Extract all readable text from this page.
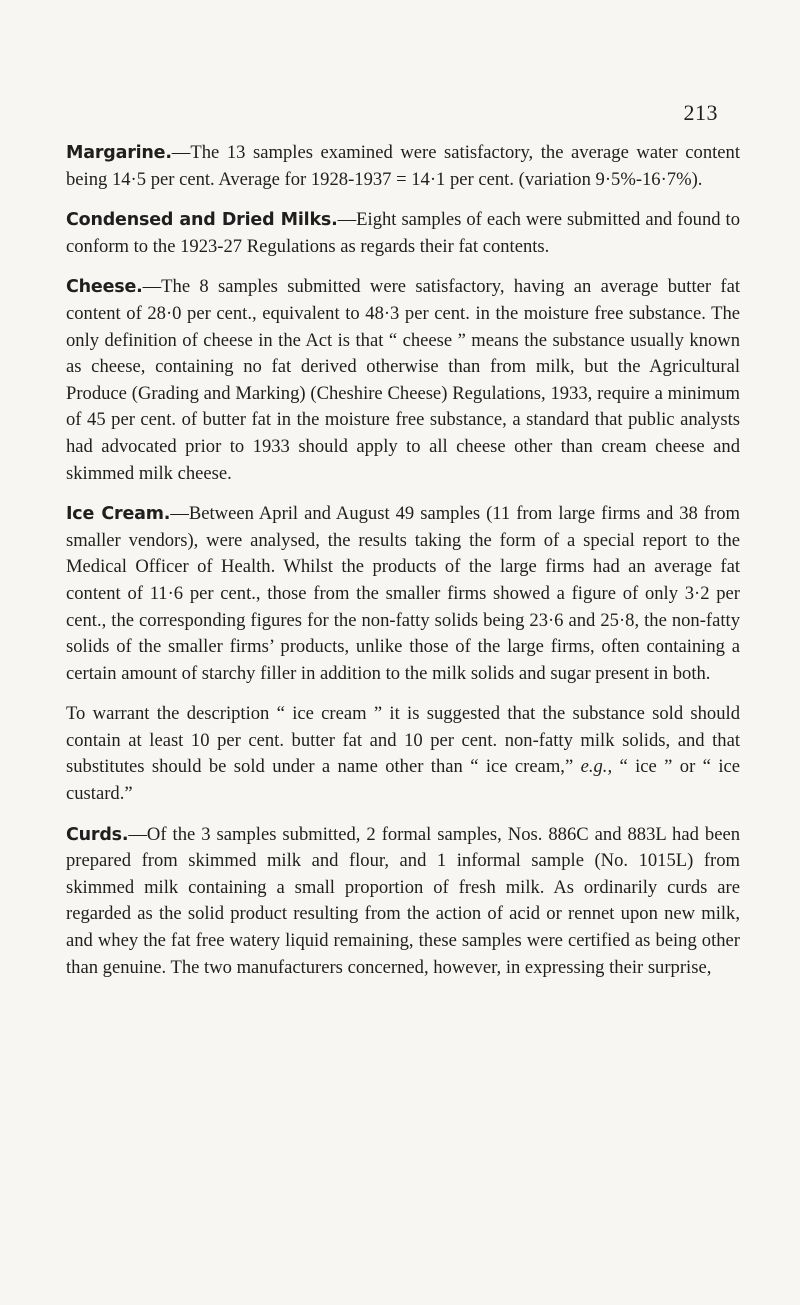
213

Margarine.—The 13 samples examined were satisfactory, the average water content being 14·5 per cent. Average for 1928-1937 = 14·1 per cent. (variation 9·5%-16·7%).

Condensed and Dried Milks.—Eight samples of each were submitted and found to conform to the 1923-27 Regulations as regards their fat contents.

Cheese.—The 8 samples submitted were satisfactory, having an average butter fat content of 28·0 per cent., equivalent to 48·3 per cent. in the moisture free substance. The only definition of cheese in the Act is that “ cheese ” means the substance usually known as cheese, containing no fat derived otherwise than from milk, but the Agricultural Produce (Grading and Marking) (Cheshire Cheese) Regulations, 1933, require a minimum of 45 per cent. of butter fat in the moisture free substance, a standard that public analysts had advocated prior to 1933 should apply to all cheese other than cream cheese and skimmed milk cheese.

Ice Cream.—Between April and August 49 samples (11 from large firms and 38 from smaller vendors), were analysed, the results taking the form of a special report to the Medical Officer of Health. Whilst the products of the large firms had an average fat content of 11·6 per cent., those from the smaller firms showed a figure of only 3·2 per cent., the corresponding figures for the non-fatty solids being 23·6 and 25·8, the non-fatty solids of the smaller firms’ products, unlike those of the large firms, often containing a certain amount of starchy filler in addition to the milk solids and sugar present in both.

To warrant the description “ ice cream ” it is suggested that the substance sold should contain at least 10 per cent. butter fat and 10 per cent. non-fatty milk solids, and that substitutes should be sold under a name other than “ ice cream,” e.g., “ ice ” or “ ice custard.”

Curds.—Of the 3 samples submitted, 2 formal samples, Nos. 886C and 883L had been prepared from skimmed milk and flour, and 1 informal sample (No. 1015L) from skimmed milk containing a small proportion of fresh milk. As ordinarily curds are regarded as the solid product resulting from the action of acid or rennet upon new milk, and whey the fat free watery liquid remaining, these samples were certified as being other than genuine. The two manufacturers concerned, however, in expressing their surprise,
